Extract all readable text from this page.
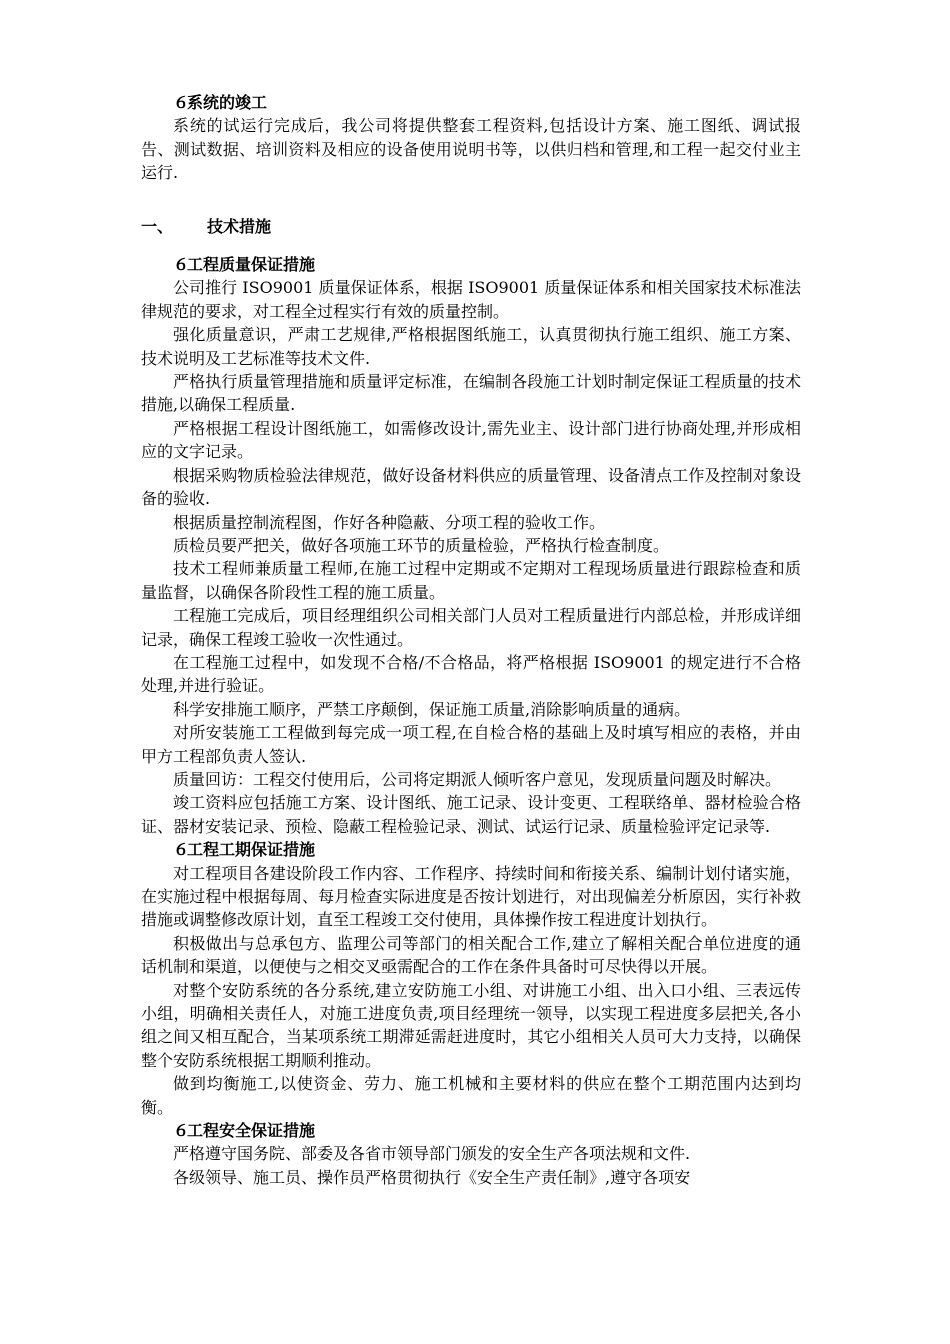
６系统的竣工

系统的试运行完成后，我公司将提供整套工程资料,包括设计方案、施工图纸、调试报告、测试数据、培训资料及相应的设备使用说明书等，以供归档和管理,和工程一起交付业主运行.

一、	技术措施
６工程质量保证措施

公司推行 ISO9001 质量保证体系，根据 ISO9001 质量保证体系和相关国家技术标准法律规范的要求，对工程全过程实行有效的质量控制。

强化质量意识，严肃工艺规律,严格根据图纸施工，认真贯彻执行施工组织、施工方案、技术说明及工艺标准等技术文件.

严格执行质量管理措施和质量评定标准，在编制各段施工计划时制定保证工程质量的技术措施,以确保工程质量.

严格根据工程设计图纸施工，如需修改设计,需先业主、设计部门进行协商处理,并形成相应的文字记录。

根据采购物质检验法律规范，做好设备材料供应的质量管理、设备清点工作及控制对象设备的验收.

根据质量控制流程图，作好各种隐蔽、分项工程的验收工作。

质检员要严把关，做好各项施工环节的质量检验，严格执行检查制度。

技术工程师兼质量工程师,在施工过程中定期或不定期对工程现场质量进行跟踪检查和质量监督，以确保各阶段性工程的施工质量。

工程施工完成后，项目经理组织公司相关部门人员对工程质量进行内部总检，并形成详细记录，确保工程竣工验收一次性通过。

在工程施工过程中，如发现不合格/不合格品，将严格根据 ISO9001 的规定进行不合格处理,并进行验证。

科学安排施工顺序，严禁工序颠倒，保证施工质量,消除影响质量的通病。

对所安装施工工程做到每完成一项工程,在自检合格的基础上及时填写相应的表格，并由甲方工程部负责人签认.

质量回访：工程交付使用后，公司将定期派人倾听客户意见，发现质量问题及时解决。

竣工资料应包括施工方案、设计图纸、施工记录、设计变更、工程联络单、器材检验合格证、器材安装记录、预检、隐蔽工程检验记录、测试、试运行记录、质量检验评定记录等.

６工程工期保证措施

对工程项目各建设阶段工作内容、工作程序、持续时间和衔接关系、编制计划付诸实施，在实施过程中根据每周、每月检查实际进度是否按计划进行，对出现偏差分析原因，实行补救措施或调整修改原计划，直至工程竣工交付使用，具体操作按工程进度计划执行。

积极做出与总承包方、监理公司等部门的相关配合工作,建立了解相关配合单位进度的通话机制和渠道，以便使与之相交叉亟需配合的工作在条件具备时可尽快得以开展。

对整个安防系统的各分系统,建立安防施工小组、对讲施工小组、出入口小组、三表远传小组，明确相关责任人，对施工进度负责,项目经理统一领导，以实现工程进度多层把关,各小组之间又相互配合，当某项系统工期滞延需赶进度时，其它小组相关人员可大力支持，以确保整个安防系统根据工期顺利推动。

做到均衡施工,以使资金、劳力、施工机械和主要材料的供应在整个工期范围内达到均衡。

６工程安全保证措施

严格遵守国务院、部委及各省市领导部门颁发的安全生产各项法规和文件.

各级领导、施工员、操作员严格贯彻执行《安全生产责任制》,遵守各项安
